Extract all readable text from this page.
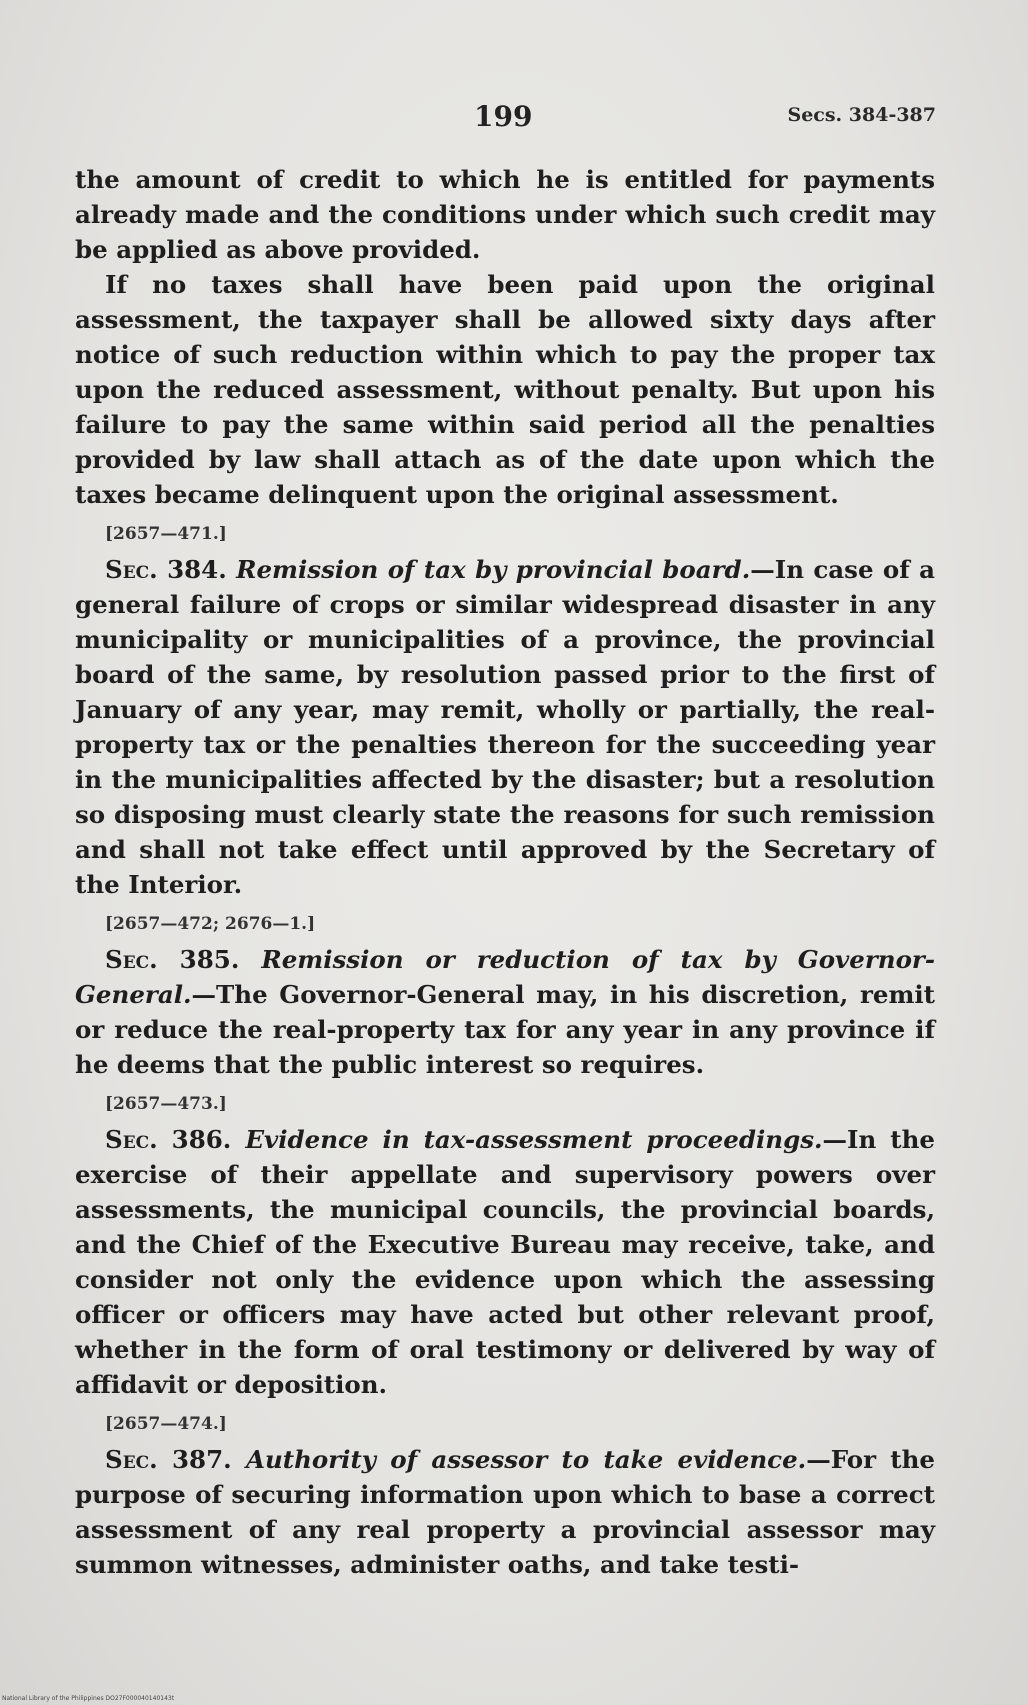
199	Secs. 384-387

the amount of credit to which he is entitled for payments already made and the conditions under which such credit may be applied as above provided.

If no taxes shall have been paid upon the original assessment, the taxpayer shall be allowed sixty days after notice of such reduction within which to pay the proper tax upon the reduced assessment, without penalty. But upon his failure to pay the same within said period all the penalties provided by law shall attach as of the date upon which the taxes became delinquent upon the original assessment.

[2657—471.]

Sec. 384. Remission of tax by provincial board.—In case of a general failure of crops or similar widespread disaster in any municipality or municipalities of a province, the provincial board of the same, by resolution passed prior to the first of January of any year, may remit, wholly or partially, the real-property tax or the penalties thereon for the succeeding year in the municipalities affected by the disaster; but a resolution so disposing must clearly state the reasons for such remission and shall not take effect until approved by the Secretary of the Interior.

[2657—472; 2676—1.]

Sec. 385. Remission or reduction of tax by Governor-General.—The Governor-General may, in his discretion, remit or reduce the real-property tax for any year in any province if he deems that the public interest so requires.

[2657—473.]

Sec. 386. Evidence in tax-assessment proceedings.—In the exercise of their appellate and supervisory powers over assessments, the municipal councils, the provincial boards, and the Chief of the Executive Bureau may receive, take, and consider not only the evidence upon which the assessing officer or officers may have acted but other relevant proof, whether in the form of oral testimony or delivered by way of affidavit or deposition.

[2657—474.]

Sec. 387. Authority of assessor to take evidence.—For the purpose of securing information upon which to base a correct assessment of any real property a provincial assessor may summon witnesses, administer oaths, and take testi-

National Library of the Philippines DO27F000040140143t
